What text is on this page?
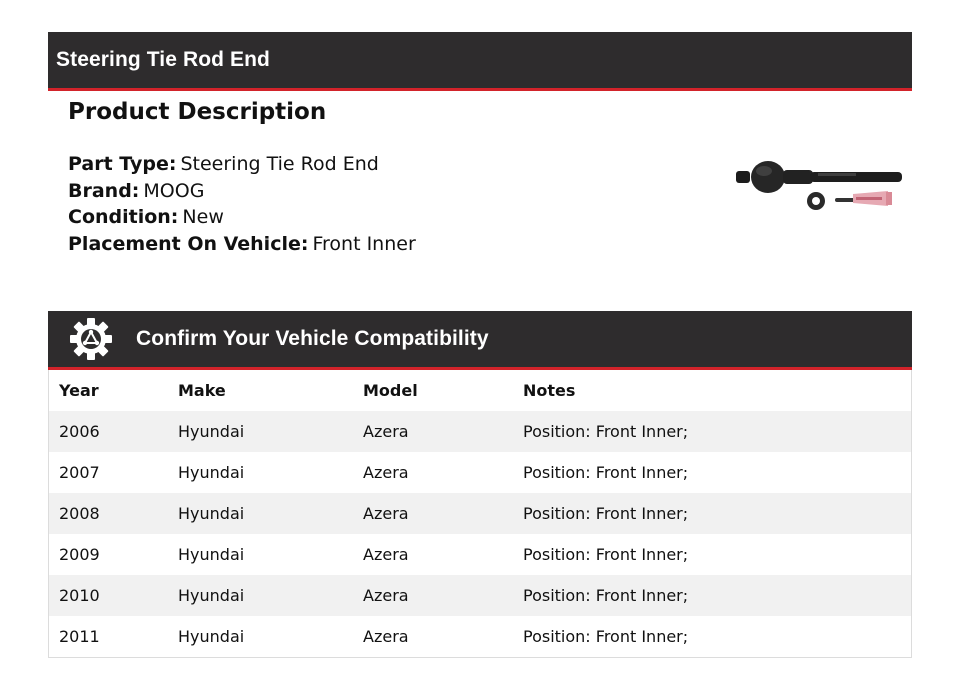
Steering Tie Rod End
Product Description
Part Type: Steering Tie Rod End
Brand: MOOG
Condition: New
Placement On Vehicle: Front Inner
Confirm Your Vehicle Compatibility
Year	Make	Model	Notes
2006	Hyundai	Azera	Position: Front Inner;
2007	Hyundai	Azera	Position: Front Inner;
2008	Hyundai	Azera	Position: Front Inner;
2009	Hyundai	Azera	Position: Front Inner;
2010	Hyundai	Azera	Position: Front Inner;
2011	Hyundai	Azera	Position: Front Inner;
